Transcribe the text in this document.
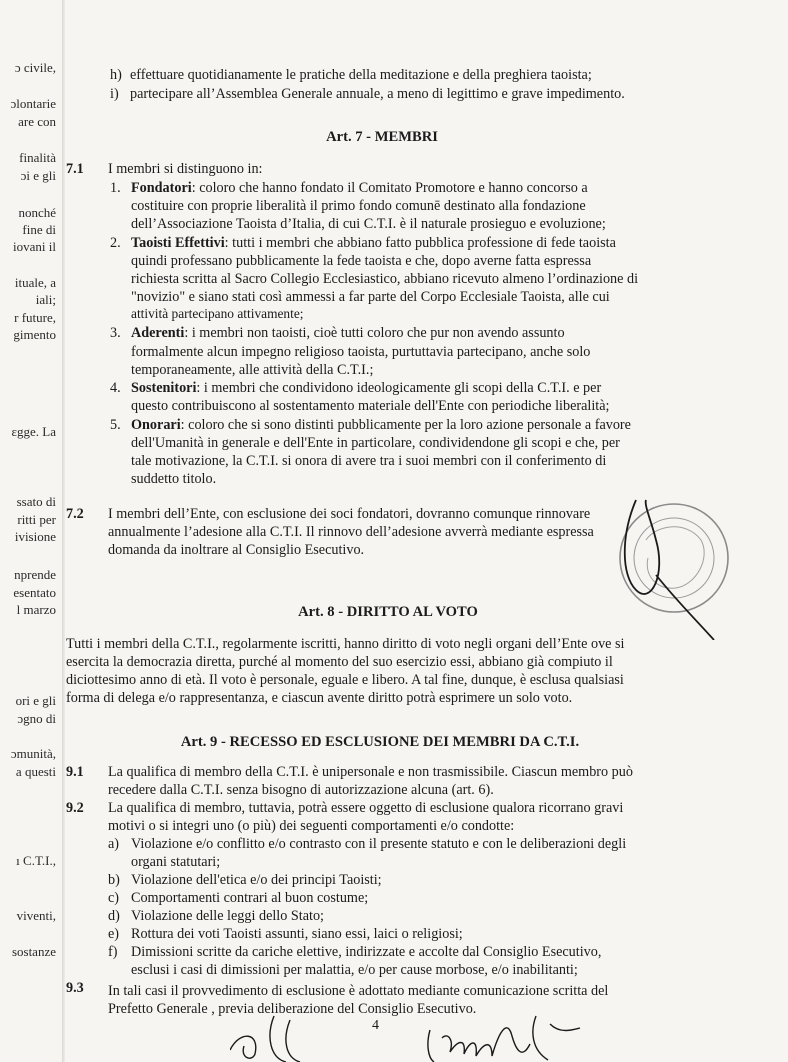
ɔ civile,
ɔlontarie
are con
finalità
ɔi e gli
nonché
fine di
iovani il
ituale, a
iali;
r future,
gimento
ɛgge. La
ssato di
ritti per
ivisione
nprende
esentato
l marzo
ori e gli
ɔgno di
ɔmunità,
a questi
ı C.T.I.,
viventi,
sostanze
h) effettuare quotidianamente le pratiche della meditazione e della preghiera taoista;
i) partecipare all’Assemblea Generale annuale, a meno di legittimo e grave impedimento.
Art. 7 - MEMBRI
7.1 I membri si distinguono in:
1. Fondatori: coloro che hanno fondato il Comitato Promotore e hanno concorso a
costituire con proprie liberalità il primo fondo comunē destinato alla fondazione
dell’Associazione Taoista d’Italia, di cui C.T.I. è il naturale prosieguo e evoluzione;
2. Taoisti Effettivi: tutti i membri che abbiano fatto pubblica professione di fede taoista
quindi professano pubblicamente la fede taoista e che, dopo averne fatta espressa
richiesta scritta al Sacro Collegio Ecclesiastico, abbiano ricevuto almeno l’ordinazione di
"novizio" e siano stati così ammessi a far parte del Corpo Ecclesiale Taoista, alle cui
attività partecipano attivamente;
3. Aderenti: i membri non taoisti, cioè tutti coloro che pur non avendo assunto
formalmente alcun impegno religioso taoista, purtuttavia partecipano, anche solo
temporaneamente, alle attività della C.T.I.;
4. Sostenitori: i membri che condividono ideologicamente gli scopi della C.T.I. e per
questo contribuiscono al sostentamento materiale dell'Ente con periodiche liberalità;
5. Onorari: coloro che si sono distinti pubblicamente per la loro azione personale a favore
dell'Umanità in generale e dell'Ente in particolare, condividendone gli scopi e che, per
tale motivazione, la C.T.I. si onora di avere tra i suoi membri con il conferimento di
suddetto titolo.
7.2 I membri dell’Ente, con esclusione dei soci fondatori, dovranno comunque rinnovare
annualmente l’adesione alla C.T.I. Il rinnovo dell’adesione avverrà mediante espressa
domanda da inoltrare al Consiglio Esecutivo.
Art. 8 - DIRITTO AL VOTO
Tutti i membri della C.T.I., regolarmente iscritti, hanno diritto di voto negli organi dell’Ente ove si
esercita la democrazia diretta, purché al momento del suo esercizio essi, abbiano già compiuto il
diciottesimo anno di età. Il voto è personale, eguale e libero. A tal fine, dunque, è esclusa qualsiasi
forma di delega e/o rappresentanza, e ciascun avente diritto potrà esprimere un solo voto.
Art. 9 - RECESSO ED ESCLUSIONE DEI MEMBRI DA C.T.I.
9.1 La qualifica di membro della C.T.I. è unipersonale e non trasmissibile. Ciascun membro può
recedere dalla C.T.I. senza bisogno di autorizzazione alcuna (art. 6).
9.2 La qualifica di membro, tuttavia, potrà essere oggetto di esclusione qualora ricorrano gravi
motivi o si integri uno (o più) dei seguenti comportamenti e/o condotte:
a) Violazione e/o conflitto e/o contrasto con il presente statuto e con le deliberazioni degli
organi statutari;
b) Violazione dell'etica e/o dei principi Taoisti;
c) Comportamenti contrari al buon costume;
d) Violazione delle leggi dello Stato;
e) Rottura dei voti Taoisti assunti, siano essi, laici o religiosi;
f) Dimissioni scritte da cariche elettive, indirizzate e accolte dal Consiglio Esecutivo,
esclusi i casi di dimissioni per malattia, e/o per cause morbose, e/o inabilitanti;
9.3 In tali casi il provvedimento di esclusione è adottato mediante comunicazione scritta del
Prefetto Generale , previa deliberazione del Consiglio Esecutivo.
4
